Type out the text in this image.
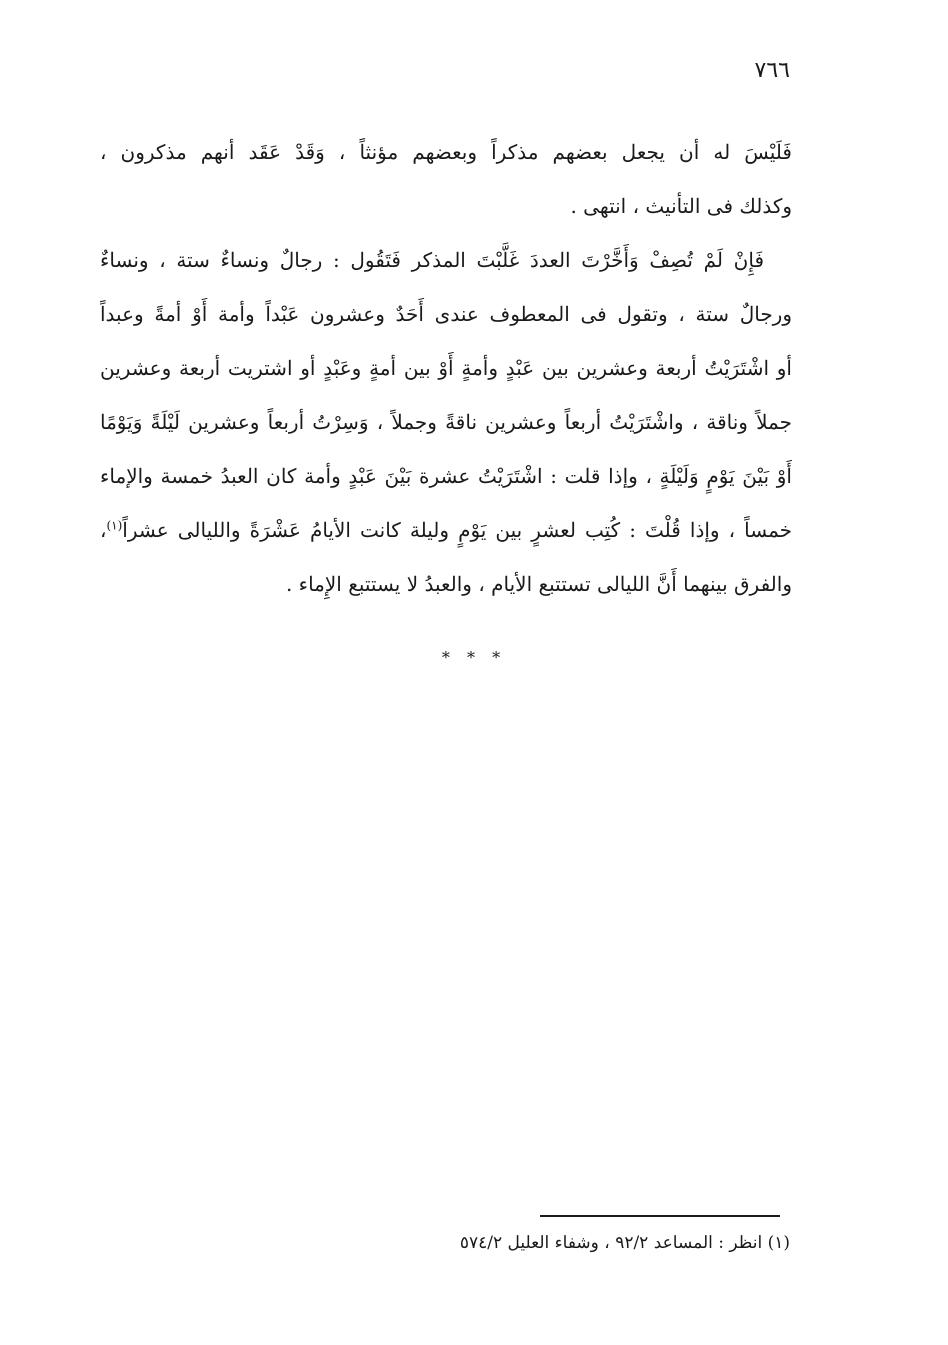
٧٦٦
فَلَيْسَ له أن يجعل بعضهم مذكراً وبعضهم مؤنثاً ، وَقَدْ عَقَد أنهم مذكرون ،
وكذلك فى التأنيث ، انتهى .
فَإِنْ لَمْ تُصِفْ وَأَخَّرْتَ العددَ غَلَّبْتَ المذكر فَتَقُول : رجالٌ ونساءٌ ستة ، ونساءٌ
ورجالٌ ستة ، وتقول فى المعطوف عندى أَحَدٌ وعشرون عَبْداً وأمة أَوْ أمةً وعبداً
أو اشْتَرَيْتُ أربعة وعشرين بين عَبْدٍ وأمةٍ أَوْ بين أمةٍ وعَبْدٍ أو اشتريت أربعة وعشرين
جملاً وناقة ، واشْتَرَيْتُ أربعاً وعشرين ناقةً وجملاً ، وَسِرْتُ أربعاً وعشرين لَيْلَةً وَيَوْمًا
أَوْ بَيْنَ يَوْمٍ وَلَيْلَةٍ ، وإذا قلت : اشْتَرَيْتُ عشرة بَيْنَ عَبْدٍ وأمة كان العبدُ خمسة والإماء
خمساً ، وإذا قُلْتَ : كُتِب لعشرٍ بين يَوْمٍ وليلة كانت الأيامُ عَشْرَةً والليالى عشراً$^{(١)}$،
والفرق بينهما أَنَّ الليالى تستتبع الأيام ، والعبدُ لا يستتبع الإِماء .
* * *
(١) انظر : المساعد ٩٢/٢ ، وشفاء العليل ٥٧٤/٢
